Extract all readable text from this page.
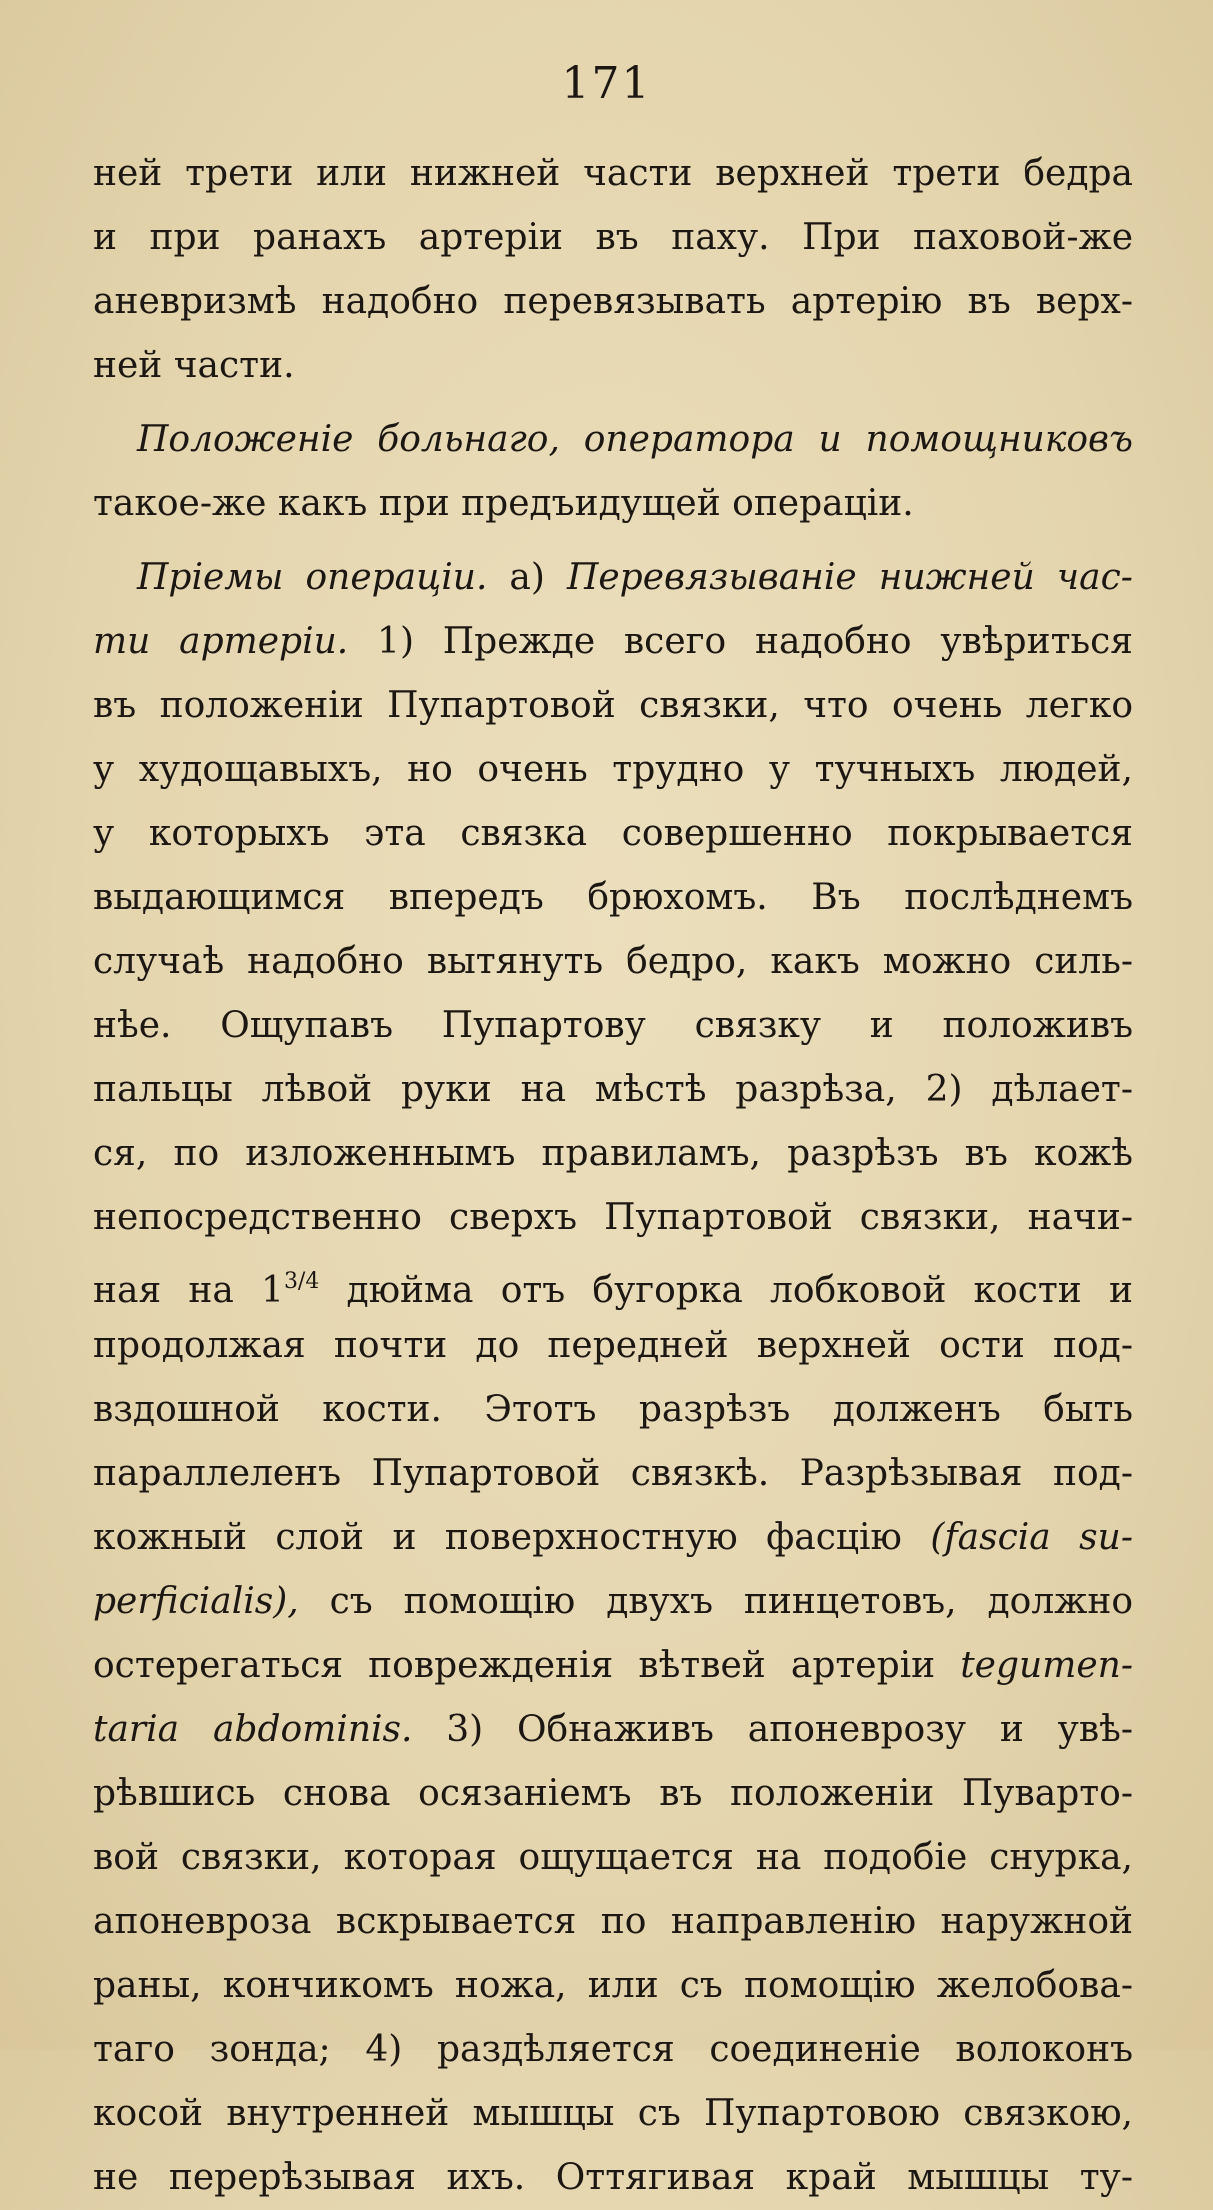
171
ней трети или нижней части верхней трети бедра
и при ранахъ артеріи въ паху. При паховой-же
аневризмѣ надобно перевязывать артерію въ верх-
ней части.
Положеніе больнаго, оператора и помощниковъ
такое-же какъ при предъидущей операціи.
Пріемы операціи. а) Перевязываніе нижней час-
ти артеріи. 1) Прежде всего надобно увѣриться
въ положеніи Пупартовой связки, что очень легко
у худощавыхъ, но очень трудно у тучныхъ людей,
у которыхъ эта связка совершенно покрывается
выдающимся впередъ брюхомъ. Въ послѣднемъ
случаѣ надобно вытянуть бедро, какъ можно силь-
нѣе. Ощупавъ Пупартову связку и положивъ
пальцы лѣвой руки на мѣстѣ разрѣза, 2) дѣлает-
ся, по изложеннымъ правиламъ, разрѣзъ въ кожѣ
непосредственно сверхъ Пупартовой связки, начи-
ная на $1^{3/4}$ дюйма отъ бугорка лобковой кости и
продолжая почти до передней верхней ости под-
вздошной кости. Этотъ разрѣзъ долженъ быть
параллеленъ Пупартовой связкѣ. Разрѣзывая под-
кожный слой и поверхностную фасцію (fascia su-
perficialis), съ помощію двухъ пинцетовъ, должно
остерегаться поврежденія вѣтвей артеріи tegumen-
taria abdominis. 3) Обнаживъ апоневрозу и увѣ-
рѣвшись снова осязаніемъ въ положеніи Пуварто-
вой связки, которая ощущается на подобіе снурка,
апоневроза вскрывается по направленію наружной
раны, кончикомъ ножа, или съ помощію желобова-
таго зонда; 4) раздѣляется соединеніе волоконъ
косой внутренней мышцы съ Пупартовою связкою,
не перерѣзывая ихъ. Оттягивая край мышцы ту-
